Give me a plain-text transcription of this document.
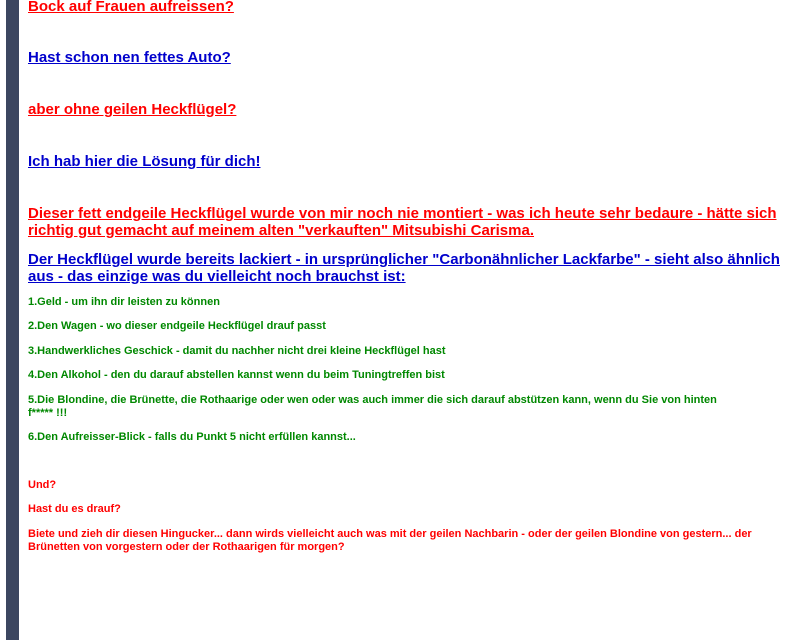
Bock auf Frauen aufreissen?

Hast schon nen fettes Auto?

aber ohne geilen Heckflügel?

Ich hab hier die Lösung für dich!

Dieser fett endgeile Heckflügel wurde von mir noch nie montiert - was ich heute sehr bedaure - hätte sich richtig gut gemacht auf meinem alten "verkauften" Mitsubishi Carisma.

Der Heckflügel wurde bereits lackiert - in ursprünglicher "Carbonähnlicher Lackfarbe" - sieht also ähnlich aus - das einzige was du vielleicht noch brauchst ist:

1.Geld - um ihn dir leisten zu können

2.Den Wagen - wo dieser endgeile Heckflügel drauf passt

3.Handwerkliches Geschick - damit du nachher nicht drei kleine Heckflügel hast

4.Den Alkohol - den du darauf abstellen kannst wenn du beim Tuningtreffen bist

5.Die Blondine, die Brünette, die Rothaarige oder wen oder was auch immer die sich darauf abstützen kann, wenn du Sie von hinten f***** !!!

6.Den Aufreisser-Blick - falls du Punkt 5 nicht erfüllen kannst...

Und?

Hast du es drauf?

Biete und zieh dir diesen Hingucker... dann wirds vielleicht auch was mit der geilen Nachbarin - oder der geilen Blondine von gestern... der Brünetten von vorgestern oder der Rothaarigen für morgen?
